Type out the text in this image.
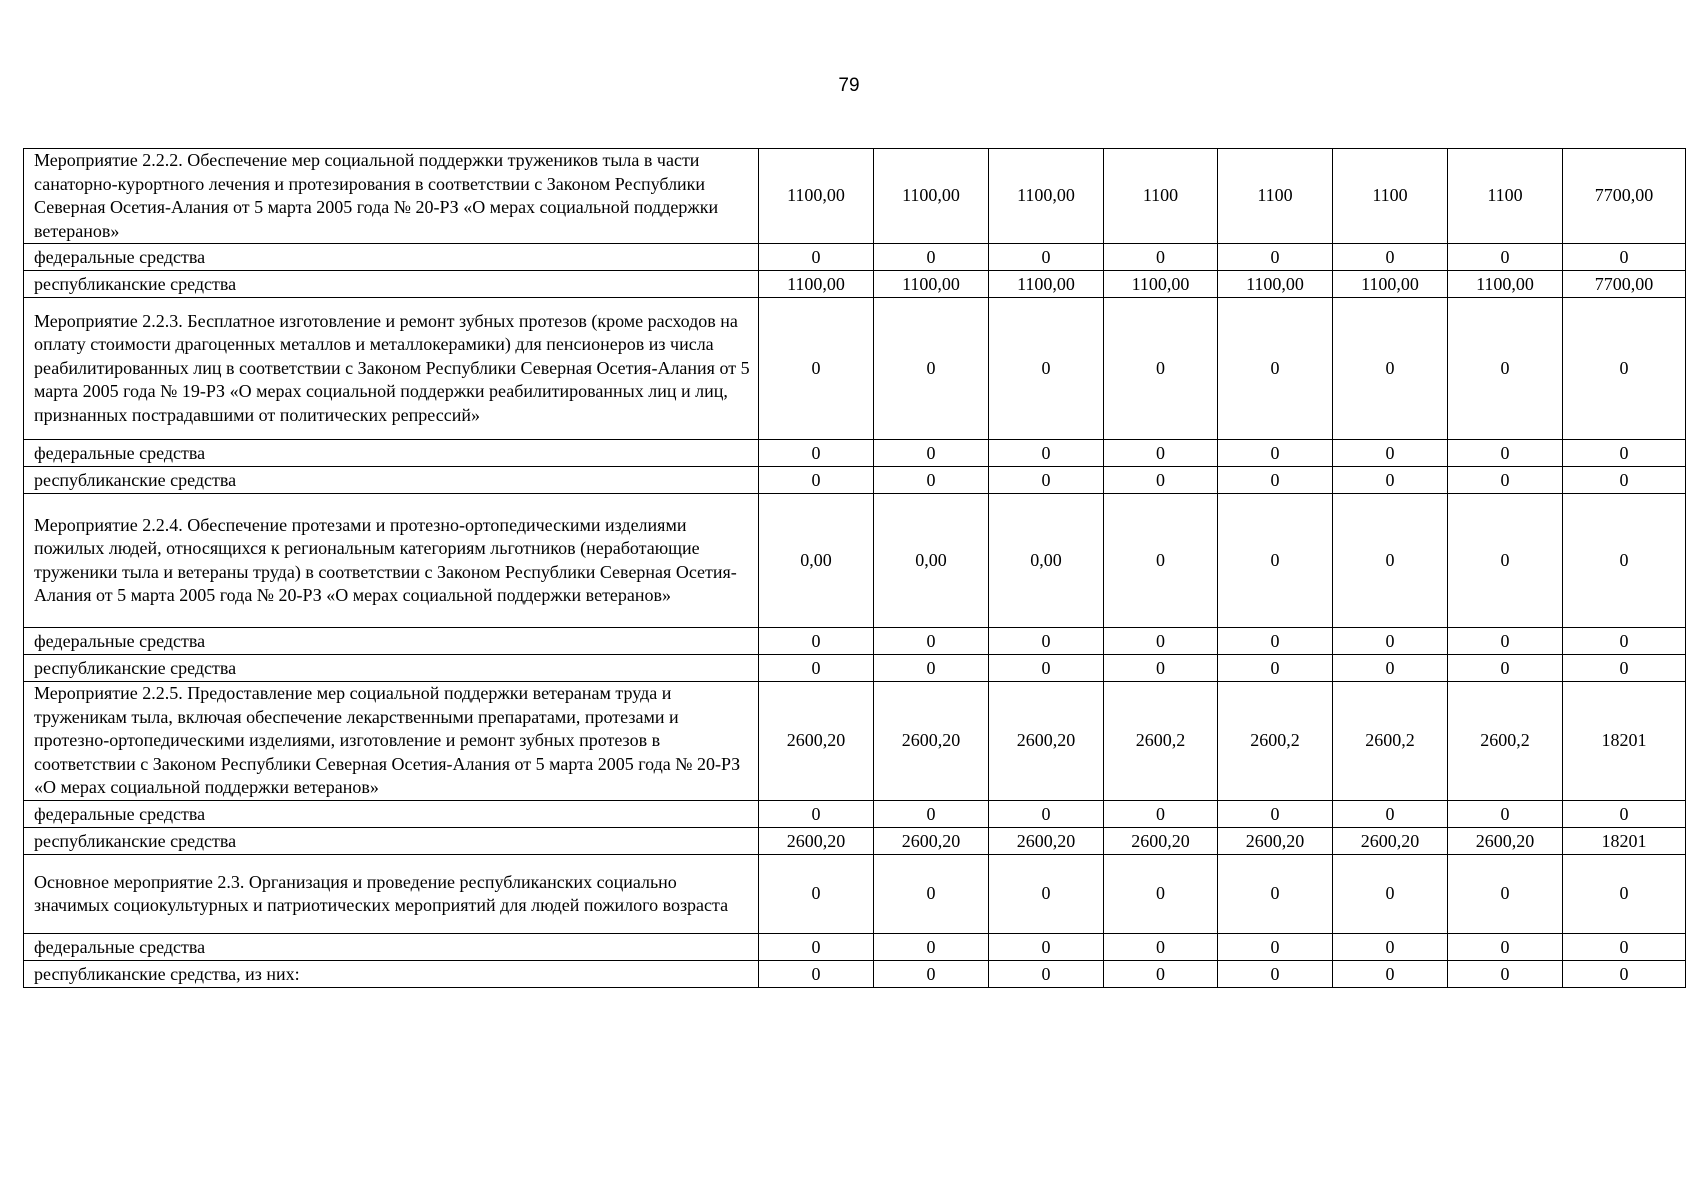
79
Мероприятие 2.2.2. Обеспечение мер социальной поддержки тружеников тыла в части санаторно-курортного лечения и протезирования в соответствии с Законом Республики Северная Осетия-Алания от 5 марта 2005 года № 20-РЗ «О мерах социальной поддержки ветеранов»	1100,00	1100,00	1100,00	1100	1100	1100	1100	7700,00
федеральные средства	0	0	0	0	0	0	0	0
республиканские средства	1100,00	1100,00	1100,00	1100,00	1100,00	1100,00	1100,00	7700,00
Мероприятие 2.2.3. Бесплатное изготовление и ремонт зубных протезов (кроме расходов на оплату стоимости драгоценных металлов и металлокерамики) для пенсионеров из числа реабилитированных лиц в соответствии с Законом Республики Северная Осетия-Алания от 5 марта 2005 года № 19-РЗ «О мерах социальной поддержки реабилитированных лиц и лиц, признанных пострадавшими от политических репрессий»	0	0	0	0	0	0	0	0
федеральные средства	0	0	0	0	0	0	0	0
республиканские средства	0	0	0	0	0	0	0	0
Мероприятие 2.2.4. Обеспечение протезами и протезно-ортопедическими изделиями пожилых людей, относящихся к региональным категориям льготников (неработающие труженики тыла и ветераны труда) в соответствии с Законом Республики Северная Осетия-Алания от 5 марта 2005 года № 20-РЗ «О мерах социальной поддержки ветеранов»	0,00	0,00	0,00	0	0	0	0	0
федеральные средства	0	0	0	0	0	0	0	0
республиканские средства	0	0	0	0	0	0	0	0
Мероприятие 2.2.5. Предоставление мер социальной поддержки ветеранам труда и труженикам тыла, включая обеспечение лекарственными препаратами, протезами и протезно-ортопедическими изделиями, изготовление и ремонт зубных протезов в соответствии с Законом Республики Северная Осетия-Алания от 5 марта 2005 года № 20-РЗ «О мерах социальной поддержки ветеранов»	2600,20	2600,20	2600,20	2600,2	2600,2	2600,2	2600,2	18201
федеральные средства	0	0	0	0	0	0	0	0
республиканские средства	2600,20	2600,20	2600,20	2600,20	2600,20	2600,20	2600,20	18201
Основное мероприятие 2.3. Организация и проведение республиканских социально значимых социокультурных и патриотических мероприятий для людей пожилого возраста	0	0	0	0	0	0	0	0
федеральные средства	0	0	0	0	0	0	0	0
республиканские средства, из них:	0	0	0	0	0	0	0	0
